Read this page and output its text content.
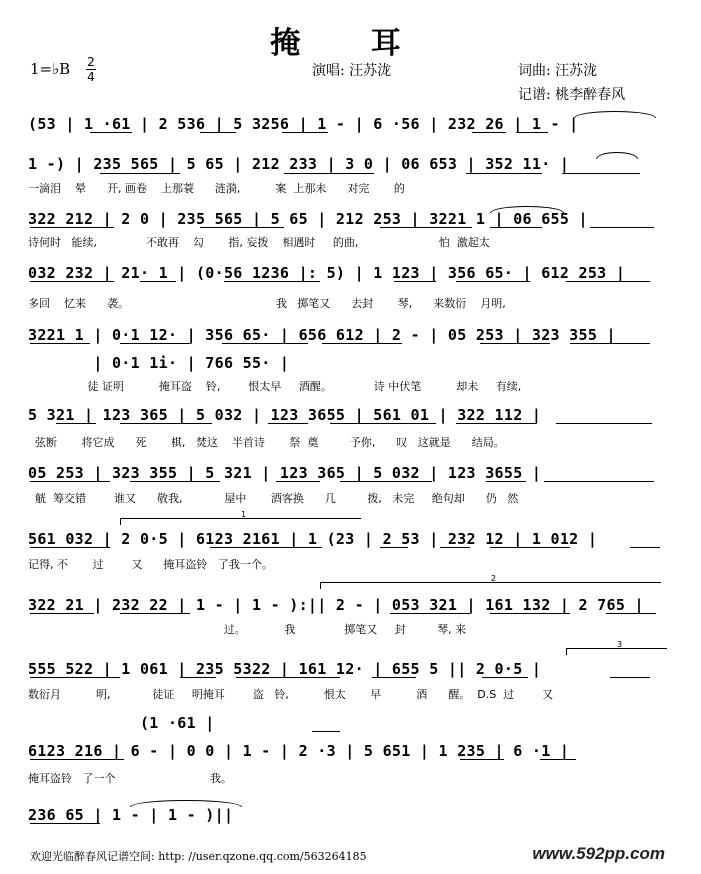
掩 耳
1=♭B 2
4	演唱: 汪苏泷	词曲: 汪苏泷
记谱: 桃李醉春风
(53 | 1 ·61 | 2 536 | 5 3256 | 1 - | 6 ·56 | 232 26 | 1 - |
1 -) | 235 565 | 5 65 | 212 233 | 3 0 | 06 653 | 352 11· |
一滴泪    晕      开, 画卷    上那蓑      涟漪,          案  上那未      对完       的
322 212 | 2 0 | 235 565 | 5 65 | 212 253 | 3221 1 | 06 655 |
诗何时   能续,              不敢再    勾       指, 妄拨    相遇时     的曲,                       怕  激起太
032 232 | 21· 1 | (0·56 1236 |: 5) | 1 123 | 356 65· | 612 253 |
多回    忆来      袭。                                          我   掷笔又      去封       琴,      来数衍    月明,
3221 1 | 0·1 12· | 356 65· | 656 612 | 2 - | 05 253 | 323 355 |
| 0·1 1i· | 766 55· |
徒 证明          掩耳盗    铃,        恨太早     酒醒。            诗 中伏笔          却未     有续,
5 321 | 123 365 | 5 032 | 123 3655 | 561 01 | 322 112 |
弦断       将它成      死       棋,   焚这    半首诗       祭  奠         予你,      叹   这就是      结局。
05 253 | 323 355 | 5 321 | 123 365 | 5 032 | 123 3655 |
觥  筹交错        谁又      敬我,            屋中       酒客换      几         拨,   未完     绝句却      仍   然
1
561 032 | 2 0·5 | 6123 2161 | 1 (23 | 2 53 | 232 12 | 1 012 |
记得, 不       过        又      掩耳盗铃   了我一个。
2
322 21 | 232 22 | 1 - | 1 - ):|| 2 - | 053 321 | 161 132 | 2 765 |
过。           我              掷笔又     封         琴, 来
3
555 522 | 1 061 | 235 5322 | 161 12· | 655 5 || 2 0·5 |
数衍月          明,            徒证     明掩耳        盗   铃,          恨太       早          酒      醒。  D.S  过        又
(1 ·61 |
6123 216 | 6 - | 0 0 | 1 - | 2 ·3 | 5 651 | 1 235 | 6 ·1 |
掩耳盗铃   了一个                           我。
236 65 | 1 - | 1 - )||
欢迎光临醉春风记谱空间: http: //user.qzone.qq.com/563264185	www.592pp.com
